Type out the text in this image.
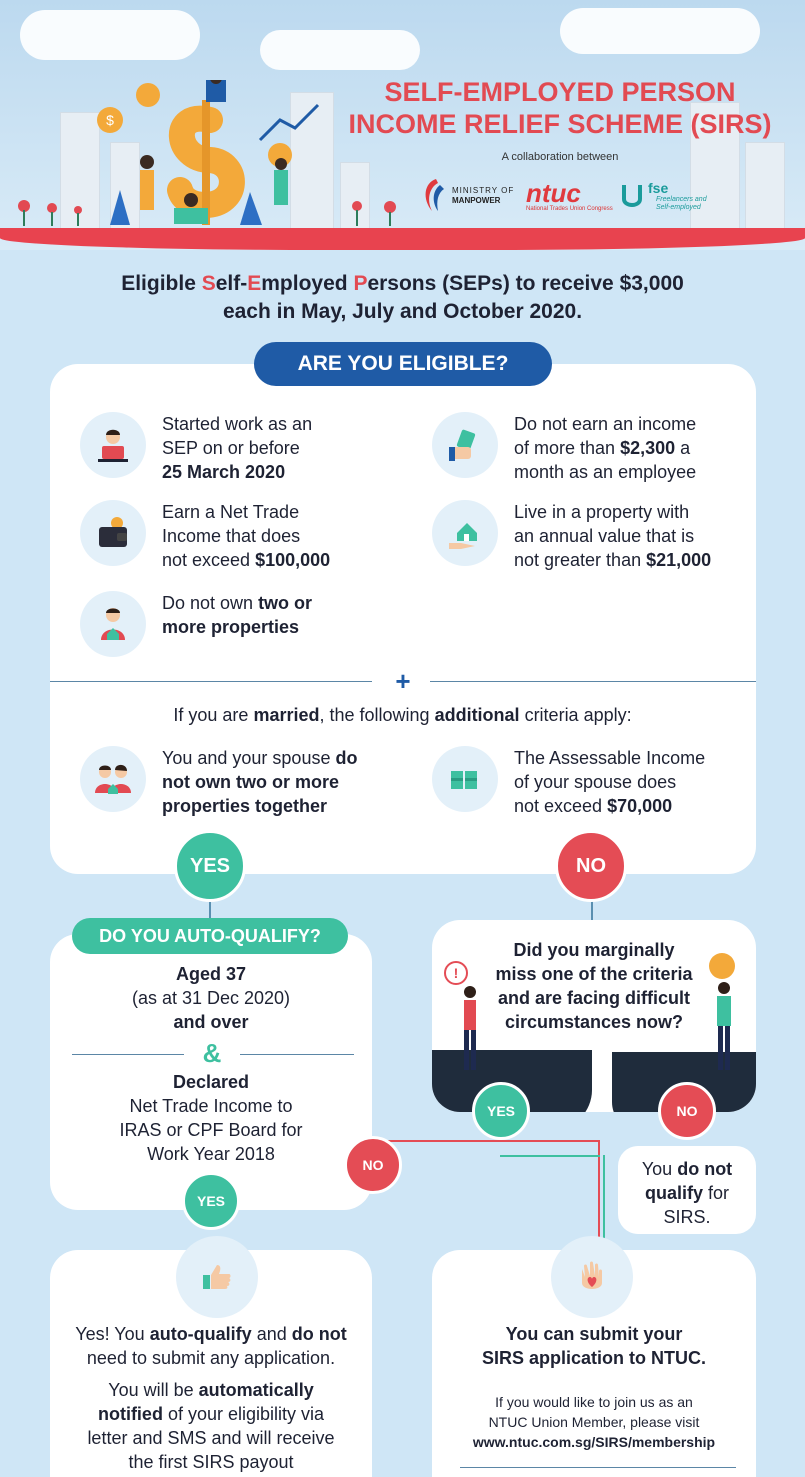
$
SELF-EMPLOYED PERSON
INCOME RELIEF SCHEME (SIRS)
A collaboration between
MINISTRY OF
MANPOWER ntuc
National Trades Union Congress
fse
Freelancers and
Self-employed
Eligible Self-Employed Persons (SEPs) to receive $3,000
each in May, July and October 2020.
ARE YOU ELIGIBLE?
Started work as an
SEP on or before
25 March 2020
Do not earn an income
of more than $2,300 a
month as an employee
Earn a Net Trade
Income that does
not exceed $100,000
Live in a property with
an annual value that is
not greater than $21,000
Do not own two or
more properties
+
If you are married, the following additional criteria apply:
You and your spouse do
not own two or more
properties together
The Assessable Income
of your spouse does
not exceed $70,000
YES	NO
DO YOU AUTO-QUALIFY?
Aged 37
(as at 31 Dec 2020)
and over
&
Declared
Net Trade Income to
IRAS or CPF Board for
Work Year 2018
!
Did you marginally
miss one of the criteria
and are facing difficult
circumstances now?
YES	NO
You do not
qualify for
SIRS.
NO
YES
Yes! You auto-qualify and do not
need to submit any application.
You will be automatically
notified of your eligibility via
letter and SMS and will receive
the first SIRS payout
You can submit your
SIRS application to NTUC.
If you would like to join us as an
NTUC Union Member, please visit
www.ntuc.com.sg/SIRS/membership
